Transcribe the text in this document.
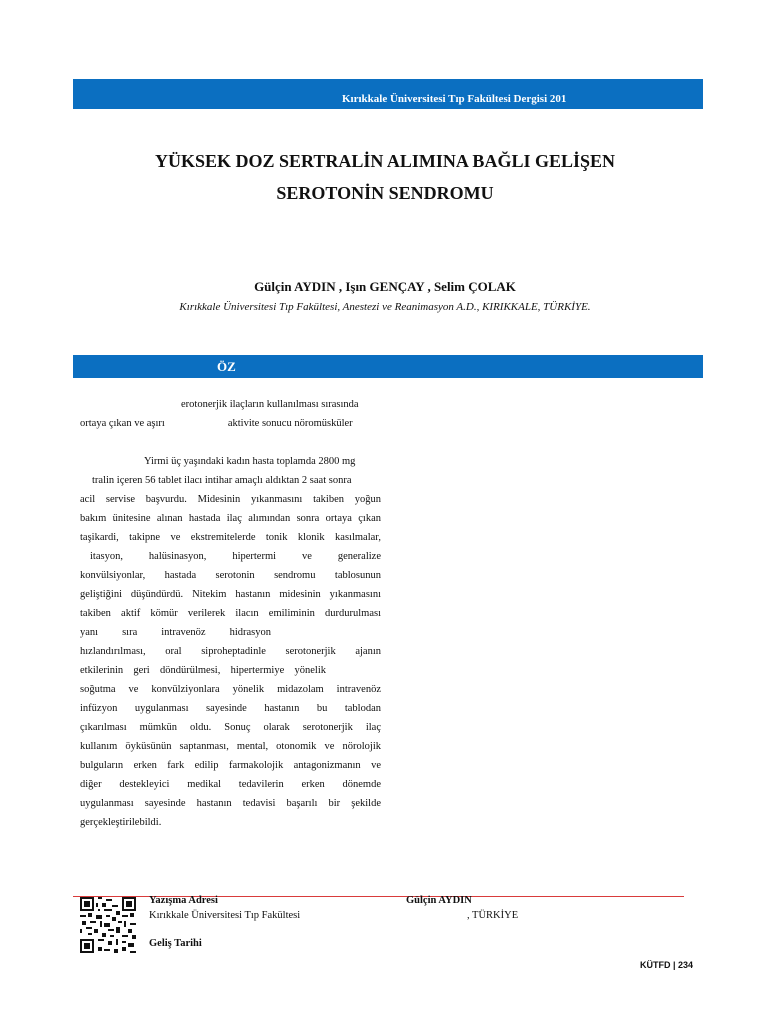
Kırıkkale Üniversitesi Tıp Fakültesi Dergisi 201
YÜKSEK DOZ SERTRALİN ALIMINA BAĞLI GELİŞEN
SEROTONİN SENDROMU
Gülçin AYDIN , Işın GENÇAY , Selim ÇOLAK
Kırıkkale Üniversitesi Tıp Fakültesi, Anestezi ve Reanimasyon A.D., KIRIKKALE, TÜRKİYE.
ÖZ
erotonerjik ilaçların kullanılması sırasında
ortaya çıkan ve aşırı                        aktivite sonucu nöromüsküler
Yirmi üç yaşındaki kadın hasta toplamda 2800 mg
tralin içeren 56 tablet ilacı intihar amaçlı aldıktan 2 saat sonra
acil servise başvurdu. Midesinin yıkanmasını takiben yoğun
bakım ünitesine alınan hastada ilaç alımından sonra ortaya çıkan
taşikardi, takipne ve ekstremitelerde tonik klonik kasılmalar,
itasyon, halüsinasyon, hipertermi ve generalize
konvülsiyonlar, hastada serotonin sendromu tablosunun
geliştiğini düşündürdü. Nitekim hastanın midesinin yıkanmasını
takiben aktif kömür verilerek ilacın emiliminin durdurulması
yanı sıra intravenöz hidrasyon
hızlandırılması, oral siproheptadinle serotonerjik ajanın
etkilerinin geri döndürülmesi, hipertermiye yönelik
soğutma ve konvülziyonlara yönelik midazolam intravenöz
infüzyon uygulanması sayesinde hastanın bu tablodan
çıkarılması mümkün oldu. Sonuç olarak serotonerjik ilaç
kullanım öyküsünün saptanması, mental, otonomik ve nörolojik
bulguların erken fark edilip farmakolojik antagonizmanın ve
diğer destekleyici medikal tedavilerin erken dönemde
uygulanması sayesinde hastanın tedavisi başarılı bir şekilde
gerçekleştirilebildi.
Yazışma Adresi	Gülçin AYDIN
Kırıkkale Üniversitesi Tıp Fakültesi	, TÜRKİYE
Geliş Tarihi
KÜTFD | 234
